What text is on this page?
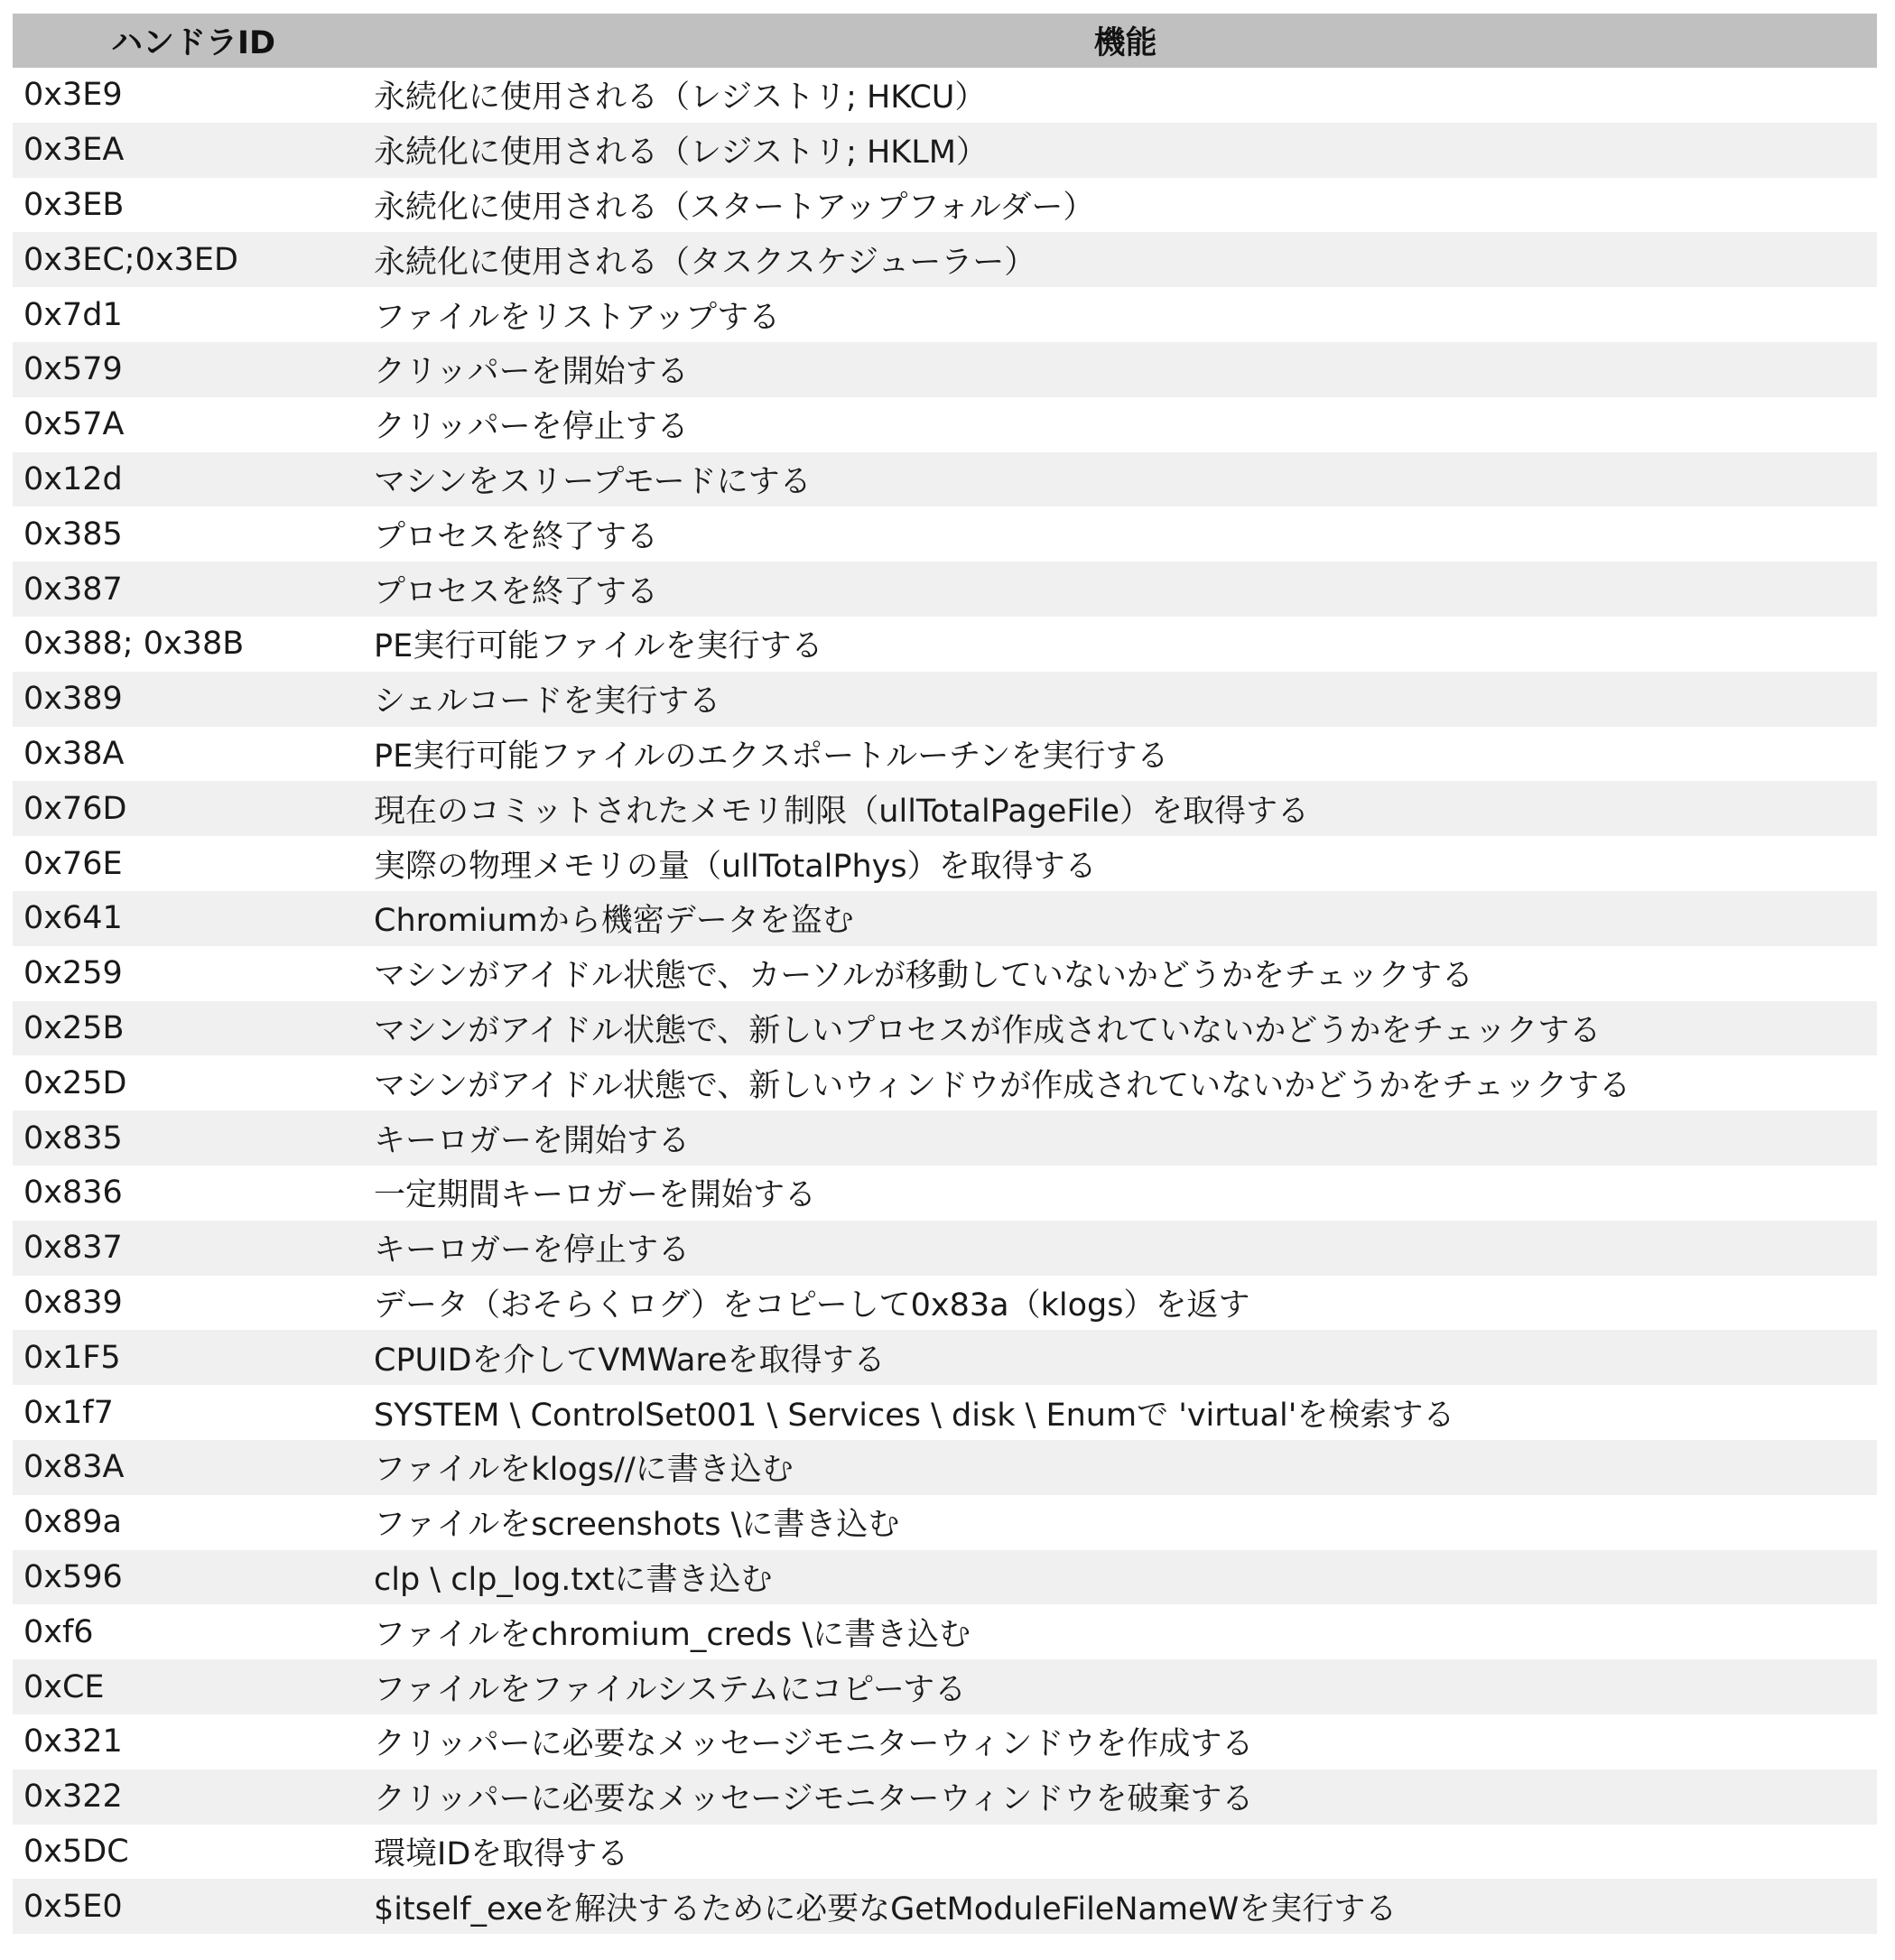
ハンドラID	機能
0x3E9	永続化に使用される（レジストリ; HKCU）
0x3EA	永続化に使用される（レジストリ; HKLM）
0x3EB	永続化に使用される（スタートアップフォルダー）
0x3EC;0x3ED	永続化に使用される（タスクスケジューラー）
0x7d1	ファイルをリストアップする
0x579	クリッパーを開始する
0x57A	クリッパーを停止する
0x12d	マシンをスリープモードにする
0x385	プロセスを終了する
0x387	プロセスを終了する
0x388; 0x38B	PE実行可能ファイルを実行する
0x389	シェルコードを実行する
0x38A	PE実行可能ファイルのエクスポートルーチンを実行する
0x76D	現在のコミットされたメモリ制限（ullTotalPageFile）を取得する
0x76E	実際の物理メモリの量（ullTotalPhys）を取得する
0x641	Chromiumから機密データを盗む
0x259	マシンがアイドル状態で、カーソルが移動していないかどうかをチェックする
0x25B	マシンがアイドル状態で、新しいプロセスが作成されていないかどうかをチェックする
0x25D	マシンがアイドル状態で、新しいウィンドウが作成されていないかどうかをチェックする
0x835	キーロガーを開始する
0x836	一定期間キーロガーを開始する
0x837	キーロガーを停止する
0x839	データ（おそらくログ）をコピーして0x83a（klogs）を返す
0x1F5	CPUIDを介してVMWareを取得する
0x1f7	SYSTEM \ ControlSet001 \ Services \ disk \ Enumで 'virtual'を検索する
0x83A	ファイルをklogs//に書き込む
0x89a	ファイルをscreenshots \に書き込む
0x596	clp \ clp_log.txtに書き込む
0xf6	ファイルをchromium_creds \に書き込む
0xCE	ファイルをファイルシステムにコピーする
0x321	クリッパーに必要なメッセージモニターウィンドウを作成する
0x322	クリッパーに必要なメッセージモニターウィンドウを破棄する
0x5DC	環境IDを取得する
0x5E0	$itself_exeを解決するために必要なGetModuleFileNameWを実行する
